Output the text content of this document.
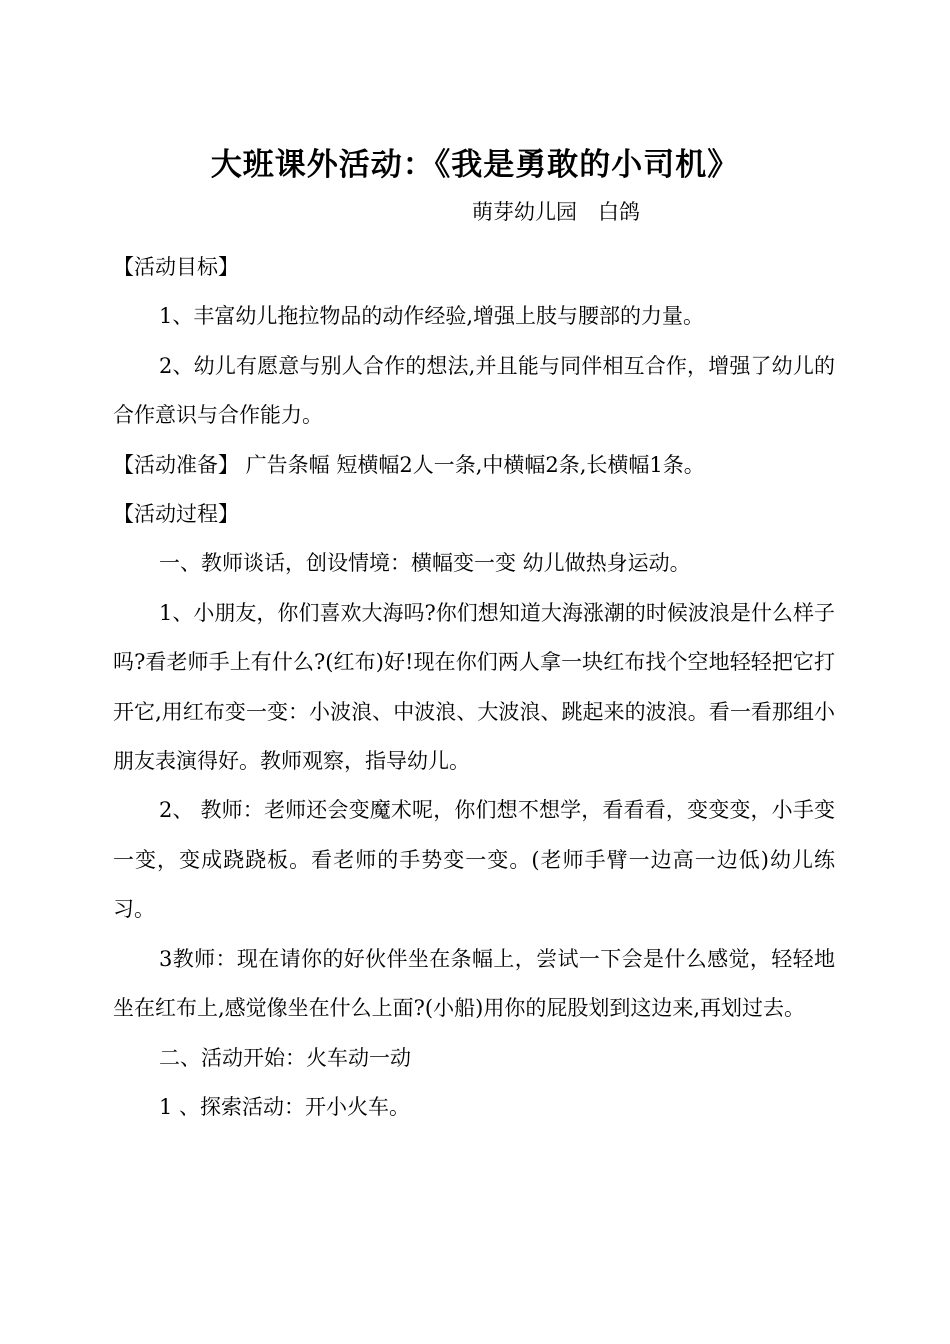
大班课外活动：《我是勇敢的小司机》
萌芽幼儿园　白鸽

【活动目标】

1、丰富幼儿拖拉物品的动作经验,增强上肢与腰部的力量。

2、幼儿有愿意与别人合作的想法,并且能与同伴相互合作，增强了幼儿的合作意识与合作能力。

【活动准备】 广告条幅 短横幅2人一条,中横幅2条,长横幅1条。

【活动过程】

一、教师谈话，创设情境：横幅变一变 幼儿做热身运动。

1、小朋友，你们喜欢大海吗?你们想知道大海涨潮的时候波浪是什么样子吗?看老师手上有什么?(红布)好!现在你们两人拿一块红布找个空地轻轻把它打开它,用红布变一变：小波浪、中波浪、大波浪、跳起来的波浪。看一看那组小朋友表演得好。教师观察，指导幼儿。

2、 教师：老师还会变魔术呢，你们想不想学，看看看，变变变，小手变一变，变成跷跷板。看老师的手势变一变。(老师手臂一边高一边低)幼儿练习。

3教师：现在请你的好伙伴坐在条幅上，尝试一下会是什么感觉，轻轻地坐在红布上,感觉像坐在什么上面?(小船)用你的屁股划到这边来,再划过去。

二、活动开始：火车动一动

1 、探索活动：开小火车。
